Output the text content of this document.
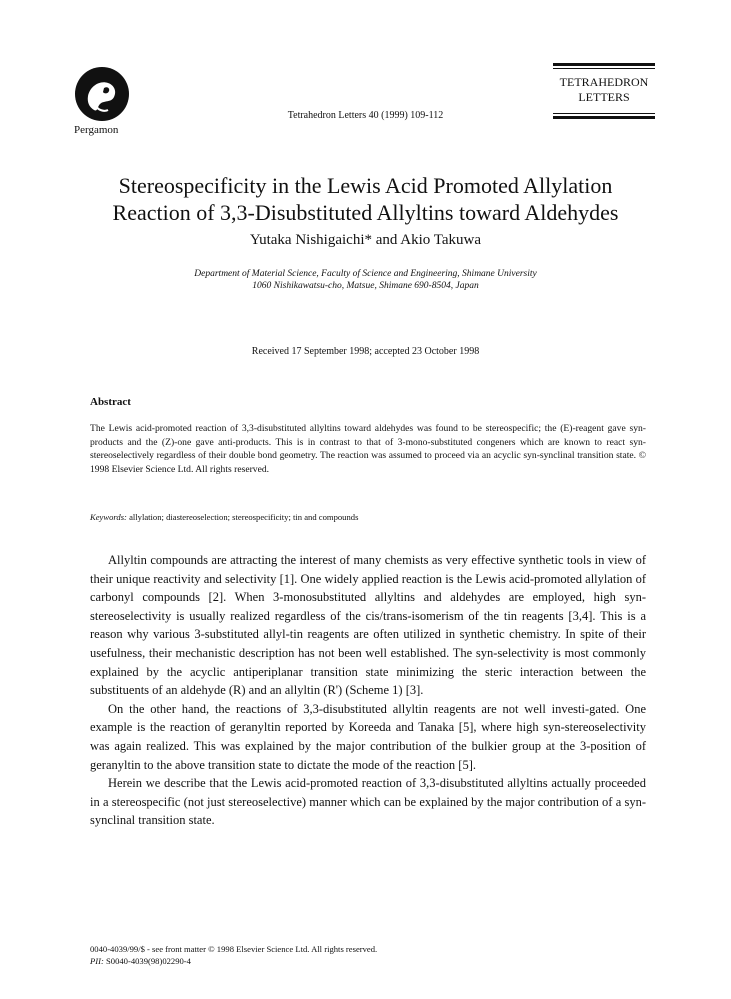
Pergamon
Tetrahedron Letters 40 (1999) 109-112
TETRAHEDRON
LETTERS
Stereospecificity in the Lewis Acid Promoted Allylation
Reaction of 3,3-Disubstituted Allyltins toward Aldehydes
Yutaka Nishigaichi* and Akio Takuwa
Department of Material Science, Faculty of Science and Engineering, Shimane University
1060 Nishikawatsu-cho, Matsue, Shimane 690-8504, Japan
Received 17 September 1998; accepted 23 October 1998
Abstract
The Lewis acid-promoted reaction of 3,3-disubstituted allyltins toward aldehydes was found to be stereospecific; the (E)-reagent gave syn-products and the (Z)-one gave anti-products. This is in contrast to that of 3-mono-substituted congeners which are known to react syn-stereoselectively regardless of their double bond geometry. The reaction was assumed to proceed via an acyclic syn-synclinal transition state. © 1998 Elsevier Science Ltd. All rights reserved.
Keywords: allylation; diastereoselection; stereospecificity; tin and compounds

Allyltin compounds are attracting the interest of many chemists as very effective synthetic tools in view of their unique reactivity and selectivity [1]. One widely applied reaction is the Lewis acid-promoted allylation of carbonyl compounds [2]. When 3-monosubstituted allyltins and aldehydes are employed, high syn-stereoselectivity is usually realized regardless of the cis/trans-isomerism of the tin reagents [3,4]. This is a reason why various 3-substituted allyl-tin reagents are often utilized in synthetic chemistry. In spite of their usefulness, their mechanistic description has not been well established. The syn-selectivity is most commonly explained by the acyclic antiperiplanar transition state minimizing the steric interaction between the substituents of an aldehyde (R) and an allyltin (R') (Scheme 1) [3].

On the other hand, the reactions of 3,3-disubstituted allyltin reagents are not well investi-gated. One example is the reaction of geranyltin reported by Koreeda and Tanaka [5], where high syn-stereoselectivity was again realized. This was explained by the major contribution of the bulkier group at the 3-position of geranyltin to the above transition state to dictate the mode of the reaction [5].

Herein we describe that the Lewis acid-promoted reaction of 3,3-disubstituted allyltins actually proceeded in a stereospecific (not just stereoselective) manner which can be explained by the major contribution of a syn-synclinal transition state.

0040-4039/99/$ - see front matter © 1998 Elsevier Science Ltd. All rights reserved.
PII: S0040-4039(98)02290-4
